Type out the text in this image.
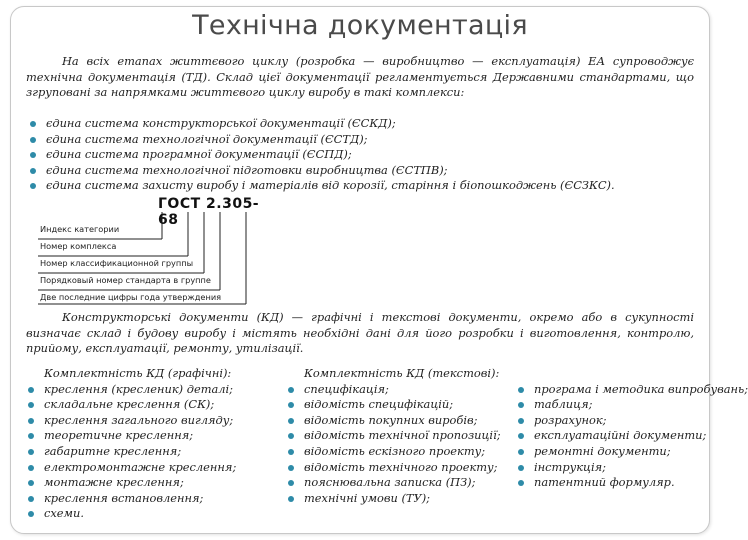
Технічна документація
На всіх етапах життєвого циклу (розробка — виробництво — експлуатація) ЕА супроводжує технічна документація (ТД). Склад цієї документації регламентується Державними стандартами, що згруповані за напрямками життєвого циклу виробу в такі комплекси:
єдина система конструкторської документації (ЄСКД);
єдина система технологічної документації (ЄСТД);
єдина система програмної документації (ЄСПД);
єдина система технологічної підготовки виробництва (ЄСТПВ);
єдина система захисту виробу і матеріалів від корозії, старіння і біопошкоджень (ЄСЗКС).
ГОСТ 2.305-68
Индекс категории
Номер комплекса
Номер классификационной группы
Порядковый номер стандарта в группе
Две последние цифры года утверждения
Конструкторські документи (КД) — графічні і текстові документи, окремо або в сукупності визначає склад і будову виробу і містять необхідні дані для його розробки і виготовлення, контролю, прийому, експлуатації, ремонту, утилізації.
Комплектність КД (графічні):
креслення (кресленик) деталі;
складальне креслення (СК);
креслення загального вигляду;
теоретичне креслення;
габаритне креслення;
електромонтажне креслення;
монтажне креслення;
креслення встановлення;
схеми.
Комплектність КД (текстові):
специфікація;
відомість специфікацій;
відомість покупних виробів;
відомість технічної пропозиції;
відомість ескізного проекту;
відомість технічного проекту;
пояснювальна записка (ПЗ);
технічні умови (ТУ);
програма і методика випробувань;
таблиця;
розрахунок;
експлуатаційні документи;
ремонтні документи;
інструкція;
патентний формуляр.
